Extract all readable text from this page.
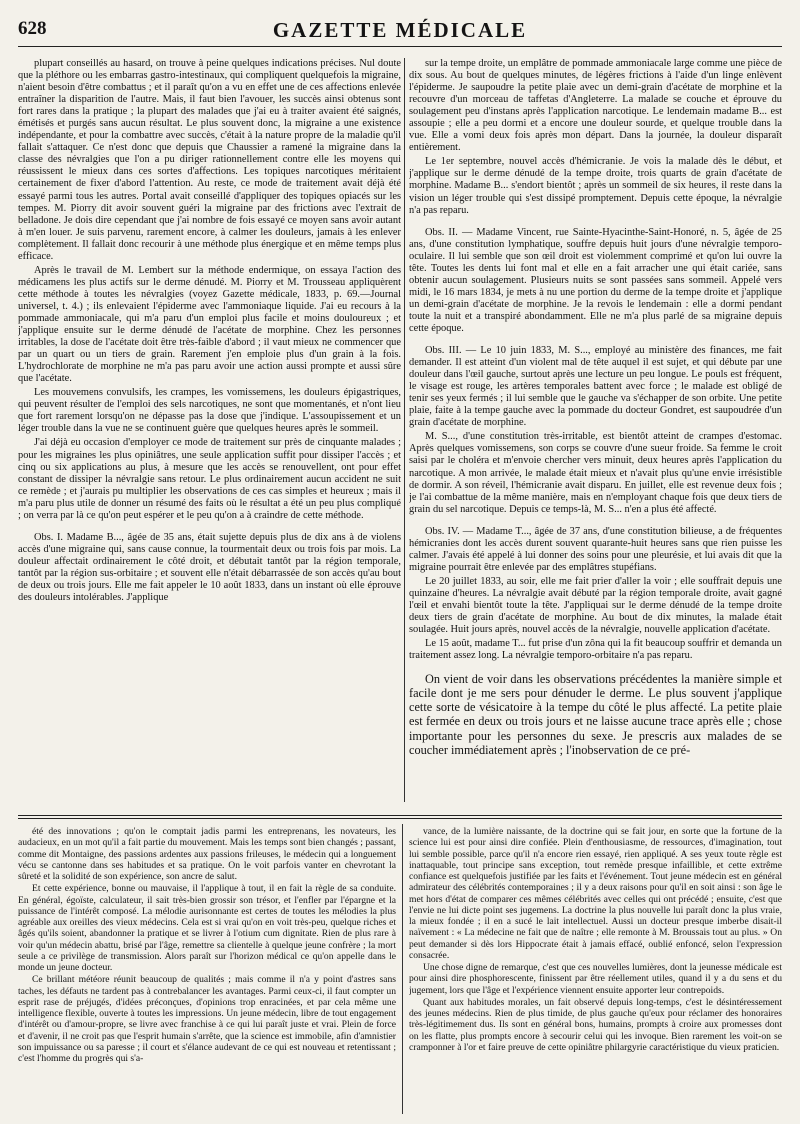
628	GAZETTE MÉDICALE

plupart conseillés au hasard, on trouve à peine quelques indications précises. Nul doute que la pléthore ou les embarras gastro-intestinaux, qui compliquent quelquefois la migraine, n'aient besoin d'être combattus ; et il paraît qu'on a vu en effet une de ces affections enlevée entraîner la disparition de l'autre. Mais, il faut bien l'avouer, les succès ainsi obtenus sont fort rares dans la pratique ; la plupart des malades que j'ai eu à traiter avaient été saignés, émétisés et purgés sans aucun résultat. Le plus souvent donc, la migraine a une existence indépendante, et pour la combattre avec succès, c'était à la nature propre de la maladie qu'il fallait s'attaquer. Ce n'est donc que depuis que Chaussier a ramené la migraine dans la classe des névralgies que l'on a pu diriger rationnellement contre elle les moyens qui réussissent le mieux dans ces sortes d'affections. Les topiques narcotiques méritaient certainement de fixer d'abord l'attention. Au reste, ce mode de traitement avait déjà été essayé parmi tous les autres. Portal avait conseillé d'appliquer des topiques opiacés sur les tempes. M. Piorry dit avoir souvent guéri la migraine par des frictions avec l'extrait de belladone. Je dois dire cependant que j'ai nombre de fois essayé ce moyen sans avoir autant à m'en louer. Je suis parvenu, rarement encore, à calmer les douleurs, jamais à les enlever complètement. Il fallait donc recourir à une méthode plus énergique et en même temps plus efficace.

Après le travail de M. Lembert sur la méthode endermique, on essaya l'action des médicamens les plus actifs sur le derme dénudé. M. Piorry et M. Trousseau appliquèrent cette méthode à toutes les névralgies (voyez Gazette médicale, 1833, p. 69.—Journal universel, t. 4.) ; ils enlevaient l'épiderme avec l'ammoniaque liquide. J'ai eu recours à la pommade ammoniacale, qui m'a paru d'un emploi plus facile et moins douloureux ; et j'applique ensuite sur le derme dénudé de l'acétate de morphine. Chez les personnes irritables, la dose de l'acétate doit être très-faible d'abord ; il vaut mieux ne commencer que par un quart ou un tiers de grain. Rarement j'en emploie plus d'un grain à la fois. L'hydrochlorate de morphine ne m'a pas paru avoir une action aussi prompte et aussi sûre que l'acétate.

Les mouvemens convulsifs, les crampes, les vomissemens, les douleurs épigastriques, qui peuvent résulter de l'emploi des sels narcotiques, ne sont que momentanés, et n'ont lieu que fort rarement lorsqu'on ne dépasse pas la dose que j'indique. L'assoupissement et un léger trouble dans la vue ne se continuent guère que quelques heures après le sommeil.

J'ai déjà eu occasion d'employer ce mode de traitement sur près de cinquante malades ; pour les migraines les plus opiniâtres, une seule application suffit pour dissiper l'accès ; et cinq ou six applications au plus, à mesure que les accès se renouvellent, ont pour effet constant de dissiper la névralgie sans retour. Le plus ordinairement aucun accident ne suit ce remède ; et j'aurais pu multiplier les observations de ces cas simples et heureux ; mais il m'a paru plus utile de donner un résumé des faits où le résultat a été un peu plus compliqué ; on verra par là ce qu'on peut espérer et le peu qu'on a à craindre de cette méthode.

Obs. I. Madame B..., âgée de 35 ans, était sujette depuis plus de dix ans à de violens accès d'une migraine qui, sans cause connue, la tourmentait deux ou trois fois par mois. La douleur affectait ordinairement le côté droit, et débutait tantôt par la région temporale, tantôt par la région sus-orbitaire ; et souvent elle n'était débarrassée de son accès qu'au bout de deux ou trois jours. Elle me fait appeler le 10 août 1833, dans un instant où elle éprouve des douleurs intolérables. J'applique

sur la tempe droite, un emplâtre de pommade ammoniacale large comme une pièce de dix sous. Au bout de quelques minutes, de légères frictions à l'aide d'un linge enlèvent l'épiderme. Je saupoudre la petite plaie avec un demi-grain d'acétate de morphine et la recouvre d'un morceau de taffetas d'Angleterre. La malade se couche et éprouve du soulagement peu d'instans après l'application narcotique. Le lendemain madame B... est assoupie ; elle a peu dormi et a encore une douleur sourde, et quelque trouble dans la vue. Elle a vomi deux fois après mon départ. Dans la journée, la douleur disparaît entièrement.

Le 1er septembre, nouvel accès d'hémicranie. Je vois la malade dès le début, et j'applique sur le derme dénudé de la tempe droite, trois quarts de grain d'acétate de morphine. Madame B... s'endort bientôt ; après un sommeil de six heures, il reste dans la vision un léger trouble qui s'est dissipé promptement. Depuis cette époque, la névralgie n'a pas reparu.

Obs. II. — Madame Vincent, rue Sainte-Hyacinthe-Saint-Honoré, n. 5, âgée de 25 ans, d'une constitution lymphatique, souffre depuis huit jours d'une névralgie temporo-oculaire. Il lui semble que son œil droit est violemment comprimé et qu'on lui ouvre la tête. Toutes les dents lui font mal et elle en a fait arracher une qui était cariée, sans obtenir aucun soulagement. Plusieurs nuits se sont passées sans sommeil. Appelé vers midi, le 16 mars 1834, je mets à nu une portion du derme de la tempe droite et j'applique un demi-grain d'acétate de morphine. Je la revois le lendemain : elle a dormi pendant toute la nuit et a transpiré abondamment. Elle ne m'a plus parlé de sa migraine depuis cette époque.

Obs. III. — Le 10 juin 1833, M. S..., employé au ministère des finances, me fait demander. Il est atteint d'un violent mal de tête auquel il est sujet, et qui débute par une douleur dans l'œil gauche, surtout après une lecture un peu longue. Le pouls est fréquent, le visage est rouge, les artères temporales battent avec force ; le malade est obligé de tenir ses yeux fermés ; il lui semble que le gauche va s'échapper de son orbite. Une petite plaie, faite à la tempe gauche avec la pommade du docteur Gondret, est saupoudrée d'un grain d'acétate de morphine.

M. S..., d'une constitution très-irritable, est bientôt atteint de crampes d'estomac. Après quelques vomissemens, son corps se couvre d'une sueur froide. Sa femme le croit saisi par le choléra et m'envoie chercher vers minuit, deux heures après l'application du narcotique. A mon arrivée, le malade était mieux et n'avait plus qu'une envie irrésistible de dormir. A son réveil, l'hémicranie avait disparu. En juillet, elle est revenue deux fois ; je l'ai combattue de la même manière, mais en n'employant chaque fois que deux tiers de grain du sel narcotique. Depuis ce temps-là, M. S... n'en a plus été affecté.

Obs. IV. — Madame T..., âgée de 37 ans, d'une constitution bilieuse, a de fréquentes hémicranies dont les accès durent souvent quarante-huit heures sans que rien puisse les calmer. J'avais été appelé à lui donner des soins pour une pleurésie, et lui avais dit que la migraine pourrait être enlevée par des emplâtres stupéfians.

Le 20 juillet 1833, au soir, elle me fait prier d'aller la voir ; elle souffrait depuis une quinzaine d'heures. La névralgie avait débuté par la région temporale droite, avait gagné l'œil et envahi bientôt toute la tête. J'appliquai sur le derme dénudé de la tempe droite deux tiers de grain d'acétate de morphine. Au bout de dix minutes, la malade était soulagée. Huit jours après, nouvel accès de la névralgie, nouvelle application d'acétate.

Le 15 août, madame T... fut prise d'un zôna qui la fit beaucoup souffrir et demanda un traitement assez long. La névralgie temporo-orbitaire n'a pas reparu.

On vient de voir dans les observations précédentes la manière simple et facile dont je me sers pour dénuder le derme. Le plus souvent j'applique cette sorte de vésicatoire à la tempe du côté le plus affecté. La petite plaie est fermée en deux ou trois jours et ne laisse aucune trace après elle ; chose importante pour les personnes du sexe. Je prescris aux malades de se coucher immédiatement après ; l'inobservation de ce pré-

été des innovations ; qu'on le comptait jadis parmi les entreprenans, les novateurs, les audacieux, en un mot qu'il a fait partie du mouvement. Mais les temps sont bien changés ; passant, comme dit Montaigne, des passions ardentes aux passions frileuses, le médecin qui a longuement vécu se cantonne dans ses habitudes et sa pratique. On le voit parfois vanter en chevrotant la sûreté et la solidité de son expérience, son ancre de salut.

Et cette expérience, bonne ou mauvaise, il l'applique à tout, il en fait la règle de sa conduite. En général, égoïste, calculateur, il sait très-bien grossir son trésor, et l'enfler par l'épargne et la puissance de l'intérêt composé. La mélodie aurisonnante est certes de toutes les mélodies la plus agréable aux oreilles des vieux médecins. Cela est si vrai qu'on en voit très-peu, quelque riches et âgés qu'ils soient, abandonner la pratique et se livrer à l'otium cum dignitate. Rien de plus rare à voir qu'un médecin abattu, brisé par l'âge, remettre sa clientelle à quelque jeune confrère ; la mort seule a ce privilège de transmission. Alors paraît sur l'horizon médical ce qu'on appelle dans le monde un jeune docteur.

Ce brillant météore réunit beaucoup de qualités ; mais comme il n'a y point d'astres sans taches, les défauts ne tardent pas à contrebalancer les avantages. Parmi ceux-ci, il faut compter un esprit rase de préjugés, d'idées préconçues, d'opinions trop enracinées, et par cela même une intelligence flexible, ouverte à toutes les impressions. Un jeune médecin, libre de tout engagement d'intérêt ou d'amour-propre, se livre avec franchise à ce qui lui paraît juste et vrai. Plein de force et d'avenir, il ne croit pas que l'esprit humain s'arrête, que la science est immobile, afin d'amnistier son impuissance ou sa paresse ; il court et s'élance audevant de ce qui est nouveau et retentissant ; c'est l'homme du progrès qui s'a-

vance, de la lumière naissante, de la doctrine qui se fait jour, en sorte que la fortune de la science lui est pour ainsi dire confiée. Plein d'enthousiasme, de ressources, d'imagination, tout lui semble possible, parce qu'il n'a encore rien essayé, rien appliqué. A ses yeux toute règle est inattaquable, tout principe sans exception, tout remède presque infaillible, et cette extrême confiance est quelquefois justifiée par les faits et l'événement. Tout jeune médecin est en général admirateur des célébrités contemporaines ; il y a deux raisons pour qu'il en soit ainsi : son âge le met hors d'état de comparer ces mêmes célébrités avec celles qui ont précédé ; ensuite, c'est que l'envie ne lui dicte point ses jugemens. La doctrine la plus nouvelle lui paraît donc la plus vraie, la mieux fondée ; il en a sucé le lait intellectuel. Aussi un docteur presque imberbe disait-il naïvement : « La médecine ne fait que de naître ; elle remonte à M. Broussais tout au plus. » On peut demander si dès lors Hippocrate était à jamais effacé, oublié enfoncé, selon l'expression consacrée.

Une chose digne de remarque, c'est que ces nouvelles lumières, dont la jeunesse médicale est pour ainsi dire phosphorescente, finissent par être réellement utiles, quand il y a du sens et du jugement, lors que l'âge et l'expérience viennent ensuite apporter leur contrepoids.

Quant aux habitudes morales, un fait observé depuis long-temps, c'est le désintéressement des jeunes médecins. Rien de plus timide, de plus gauche qu'eux pour réclamer des honoraires très-légitimement dus. Ils sont en général bons, humains, prompts à croire aux promesses dont on les flatte, plus prompts encore à secourir celui qui les invoque. Bien rarement les voit-on se cramponner à l'or et faire preuve de cette opiniâtre philargyrie caractéristique du vieux praticien.
